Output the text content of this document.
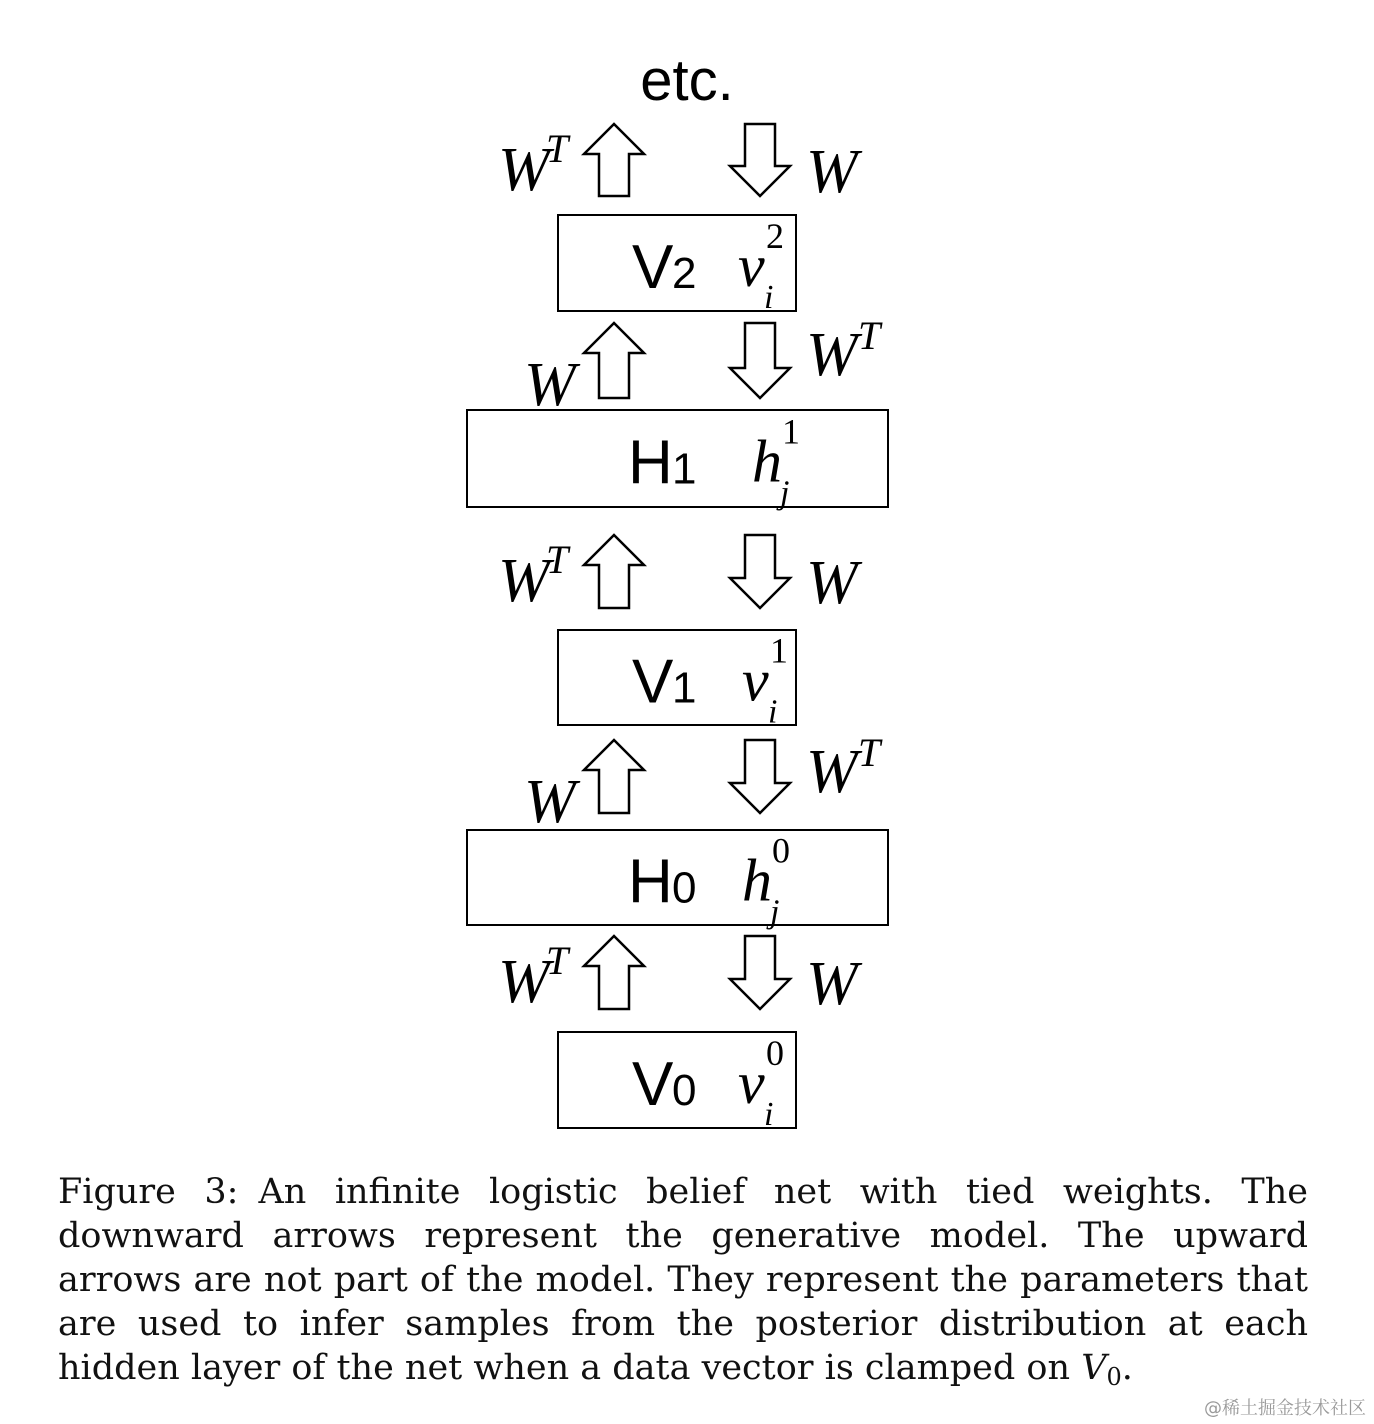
etc.
V
2 v 2
i
H 1 h 1
j
V
1 v 1
i
H 0 h 0
j
V
0 v 0
i
W
T	W
W	W T
W
T	W
W	W T
W
T	W

Figure 3: An infinite logistic belief net with tied weights. The downward arrows represent the generative model. The upward arrows are not part of the model. They represent the parameters that are used to infer samples from the posterior distribution at each hidden layer of the net when a data vector is clamped on $V_0$.

@稀土掘金技术社区
